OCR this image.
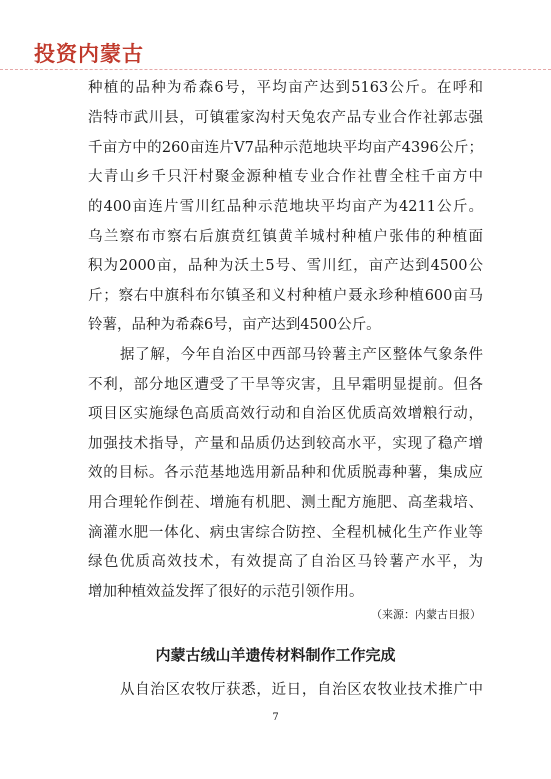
投资内蒙古
种植的品种为希森6号，平均亩产达到5163公斤。在呼和
浩特市武川县，可镇霍家沟村天兔农产品专业合作社郭志强
千亩方中的260亩连片V7品种示范地块平均亩产4396公斤；
大青山乡千只汗村聚金源种植专业合作社曹全柱千亩方中
的400亩连片雪川红品种示范地块平均亩产为4211公斤。
乌兰察布市察右后旗贲红镇黄羊城村种植户张伟的种植面
积为2000亩，品种为沃土5号、雪川红，亩产达到4500公
斤；察右中旗科布尔镇圣和义村种植户聂永珍种植600亩马
铃薯，品种为希森6号，亩产达到4500公斤。
据了解，今年自治区中西部马铃薯主产区整体气象条件
不利，部分地区遭受了干旱等灾害，且早霜明显提前。但各
项目区实施绿色高质高效行动和自治区优质高效增粮行动，
加强技术指导，产量和品质仍达到较高水平，实现了稳产增
效的目标。各示范基地选用新品种和优质脱毒种薯，集成应
用合理轮作倒茬、增施有机肥、测土配方施肥、高垄栽培、
滴灌水肥一体化、病虫害综合防控、全程机械化生产作业等
绿色优质高效技术，有效提高了自治区马铃薯产水平，为
增加种植效益发挥了很好的示范引领作用。
（来源：内蒙古日报）
内蒙古绒山羊遗传材料制作工作完成
从自治区农牧厅获悉，近日，自治区农牧业技术推广中
7
